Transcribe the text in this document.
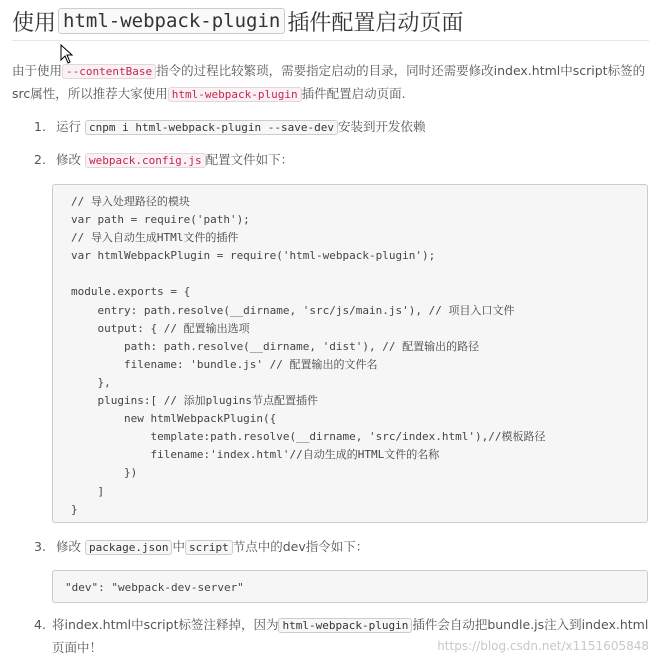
使用 html-webpack-plugin 插件配置启动页面
由于使用 --contentBase 指令的过程比较繁琐，需要指定启动的目录，同时还需要修改index.html中script标签的src属性，所以推荐大家使用 html-webpack-plugin 插件配置启动页面.
1. 运行 cnpm i html-webpack-plugin --save-dev 安装到开发依赖
2. 修改 webpack.config.js 配置文件如下：
// 导入处理路径的模块
var path = require('path');
// 导入自动生成HTMl文件的插件
var htmlWebpackPlugin = require('html-webpack-plugin');

module.exports = {
entry: path.resolve(__dirname, 'src/js/main.js'), // 项目入口文件
output: { // 配置输出选项
path: path.resolve(__dirname, 'dist'), // 配置输出的路径
filename: 'bundle.js' // 配置输出的文件名
},
plugins:[ // 添加plugins节点配置插件
new htmlWebpackPlugin({
template:path.resolve(__dirname, 'src/index.html'),//模板路径
filename:'index.html'//自动生成的HTML文件的名称
})
]
}
3. 修改 package.json 中 script 节点中的dev指令如下：
"dev": "webpack-dev-server"
4. 将index.html中script标签注释掉，因为 html-webpack-plugin 插件会自动把bundle.js注入到index.html页面中！	https://blog.csdn.net/x1151605848
